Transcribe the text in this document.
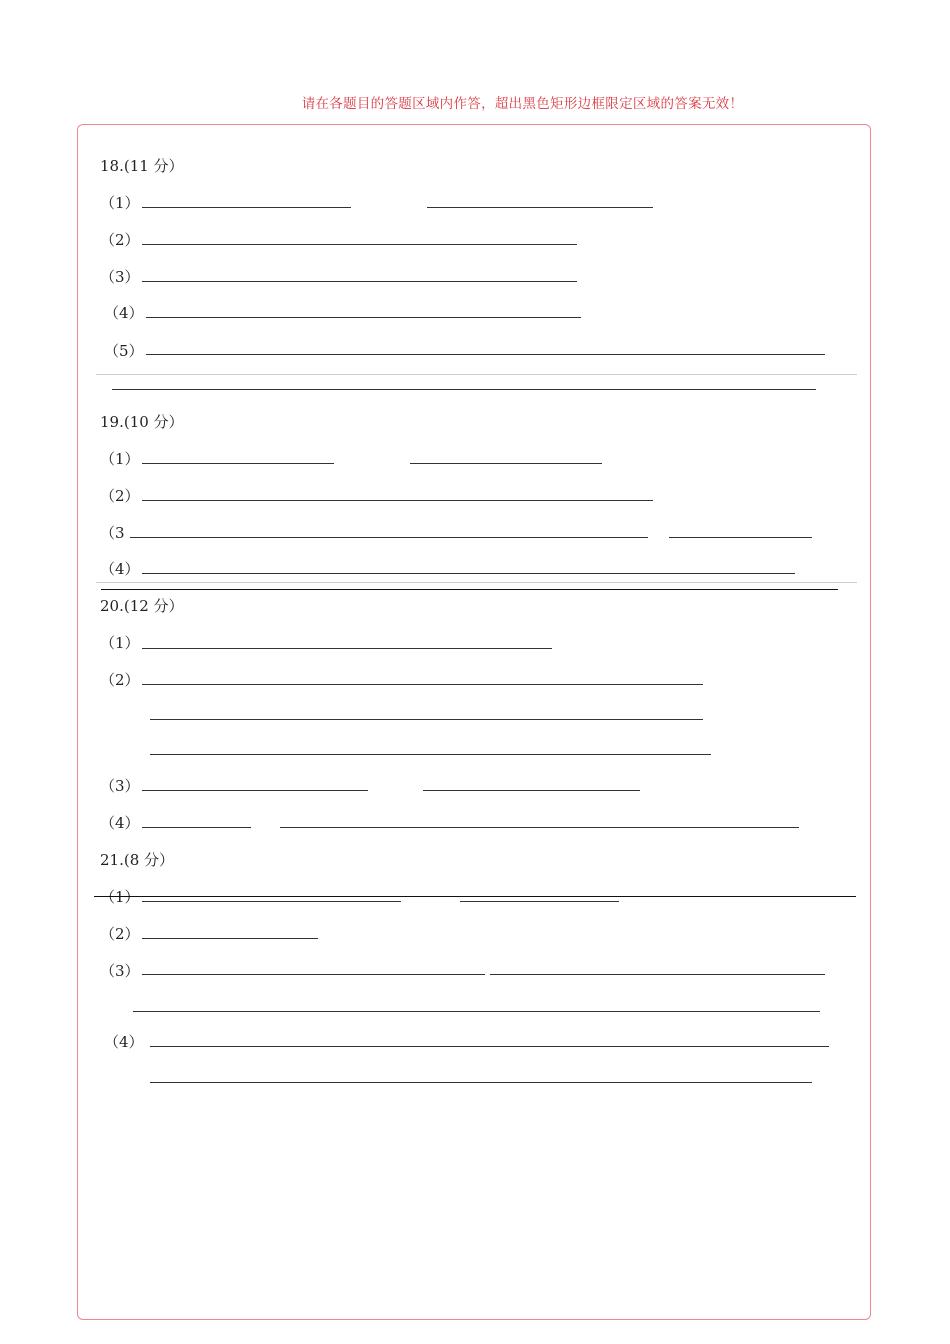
请在各题目的答题区域内作答，超出黑色矩形边框限定区域的答案无效！
18.(11 分）
（1）
（2）
（3）
（4）
（5）
19.(10 分）
（1）
（2）
（3
（4）
20.(12 分）
（1）
（2）
（3）
（4）
21.(8 分）
（1）
（2）
（3）
（4）
